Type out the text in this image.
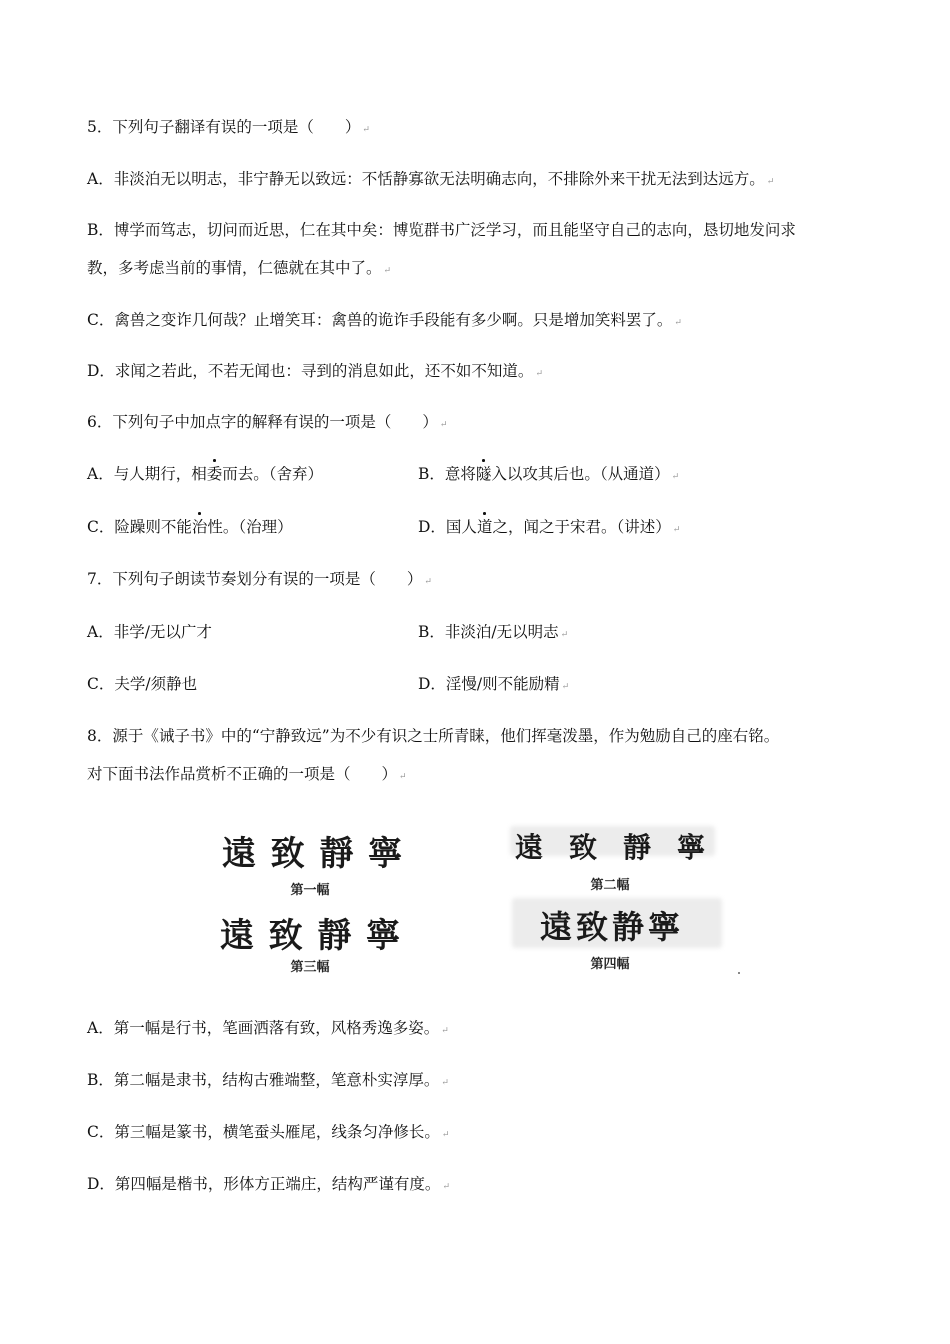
5．下列句子翻译有误的一项是（　　） ↵
A．非淡泊无以明志，非宁静无以致远：不恬静寡欲无法明确志向，不排除外来干扰无法到达远方。 ↵
B．博学而笃志，切问而近思，仁在其中矣：博览群书广泛学习，而且能坚守自己的志向，恳切地发问求
教，多考虑当前的事情，仁德就在其中了。 ↵
C．禽兽之变诈几何哉？止增笑耳：禽兽的诡诈手段能有多少啊。只是增加笑料罢了。 ↵
D．求闻之若此，不若无闻也：寻到的消息如此，还不如不知道。 ↵
6．下列句子中加点字的解释有误的一项是（　　） ↵
A．与人期行，相委而去。（舍弃）	B．意将隧入以攻其后也。（从通道） ↵
C．险躁则不能治性。（治理）	D．国人道之，闻之于宋君。（讲述） ↵
7．下列句子朗读节奏划分有误的一项是（　　） ↵
A．非学/无以广才	B．非淡泊/无以明志 ↵
C．夫学/须静也	D．淫慢/则不能励精 ↵
8．源于《诫子书》中的“宁静致远”为不少有识之士所青睐，他们挥毫泼墨，作为勉励自己的座右铭。
对下面书法作品赏析不正确的一项是（　　） ↵
遠 致 靜 寧
第一幅
遠 致 靜 寧
第二幅
遠 致 靜 寧
第三幅
遠 致 静 寧
第四幅
A．第一幅是行书，笔画洒落有致，风格秀逸多姿。 ↵
B．第二幅是隶书，结构古雅端整，笔意朴实淳厚。 ↵
C．第三幅是篆书，横笔蚕头雁尾，线条匀净修长。 ↵
D．第四幅是楷书，形体方正端庄，结构严谨有度。 ↵
